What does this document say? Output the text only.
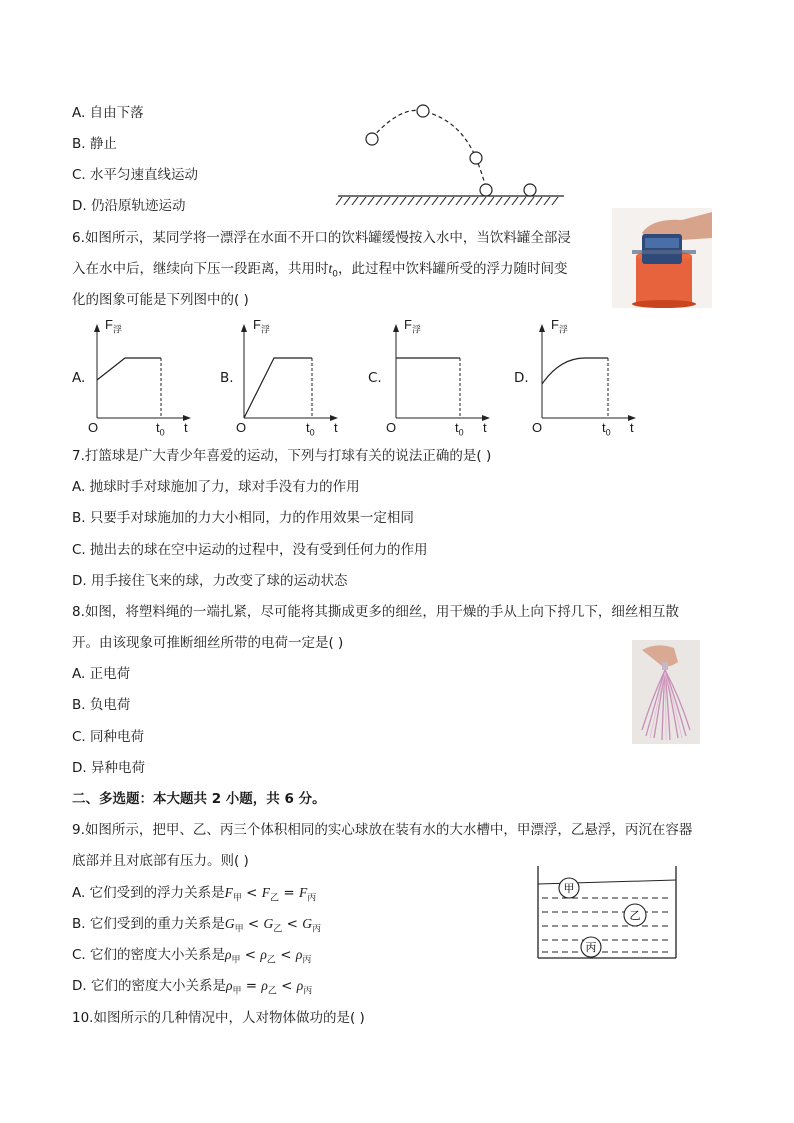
A. 自由下落
B. 静止
C. 水平匀速直线运动
D. 仍沿原轨迹运动
6.如图所示，某同学将一漂浮在水面不开口的饮料罐缓慢按入水中，当饮料罐全部浸
入在水中后，继续向下压一段距离，共用时$t_0$，此过程中饮料罐所受的浮力随时间变
化的图象可能是下列图中的( )
A.
$F_浮$
O	$t_0$ t
B.
$F_浮$
O	$t_0$ t
C.
$F_浮$
O	$t_0$ t
D.
$F_浮$
O	$t_0$ t
7.打篮球是广大青少年喜爱的运动，下列与打球有关的说法正确的是( )
A. 抛球时手对球施加了力，球对手没有力的作用
B. 只要手对球施加的力大小相同，力的作用效果一定相同
C. 抛出去的球在空中运动的过程中，没有受到任何力的作用
D. 用手接住飞来的球，力改变了球的运动状态
8.如图，将塑料绳的一端扎紧，尽可能将其撕成更多的细丝，用干燥的手从上向下捋几下，细丝相互散
开。由该现象可推断细丝所带的电荷一定是( )
A. 正电荷
B. 负电荷
C. 同种电荷
D. 异种电荷
二、多选题：本大题共 2 小题，共 6 分。
9.如图所示，把甲、乙、丙三个体积相同的实心球放在装有水的大水槽中，甲漂浮，乙悬浮，丙沉在容器
底部并且对底部有压力。则( )
A. 它们受到的浮力关系是$F_甲 < F_乙 = F_丙$
B. 它们受到的重力关系是$G_甲 < G_乙 < G_丙$
C. 它们的密度大小关系是$\rho_甲 < \rho_乙 < \rho_丙$
D. 它们的密度大小关系是$\rho_甲 = \rho_乙 < \rho_丙$
甲
乙
丙
10.如图所示的几种情况中，人对物体做功的是( )
